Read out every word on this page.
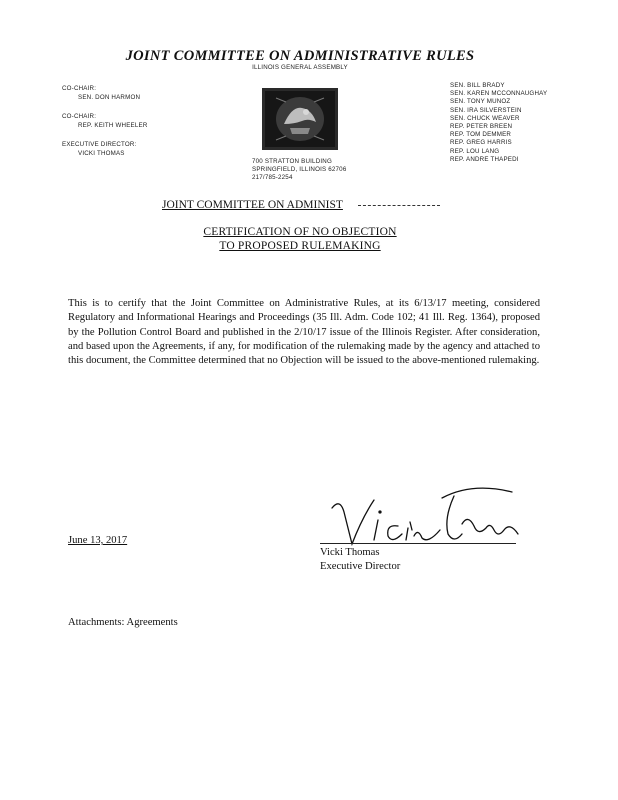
JOINT COMMITTEE ON ADMINISTRATIVE RULES
ILLINOIS GENERAL ASSEMBLY
CO-CHAIR:
SEN. DON HARMON
CO-CHAIR:
REP. KEITH WHEELER
EXECUTIVE DIRECTOR:
VICKI THOMAS
700 STRATTON BUILDING
SPRINGFIELD, ILLINOIS 62706
217/785-2254
SEN. BILL BRADY
SEN. KAREN MCCONNAUGHAY
SEN. TONY MUNOZ
SEN. IRA SILVERSTEIN
SEN. CHUCK WEAVER
REP. PETER BREEN
REP. TOM DEMMER
REP. GREG HARRIS
REP. LOU LANG
REP. ANDRE THAPEDI
JOINT COMMITTEE ON ADMINIST
CERTIFICATION OF NO OBJECTION
TO PROPOSED RULEMAKING
This is to certify that the Joint Committee on Administrative Rules, at its 6/13/17 meeting, considered Regulatory and Informational Hearings and Proceedings (35 Ill. Adm. Code 102; 41 Ill. Reg. 1364), proposed by the Pollution Control Board and published in the 2/10/17 issue of the Illinois Register. After consideration, and based upon the Agreements, if any, for modification of the rulemaking made by the agency and attached to this document, the Committee determined that no Objection will be issued to the above-mentioned rulemaking.
June 13, 2017
Vicki Thomas
Executive Director
Attachments: Agreements
